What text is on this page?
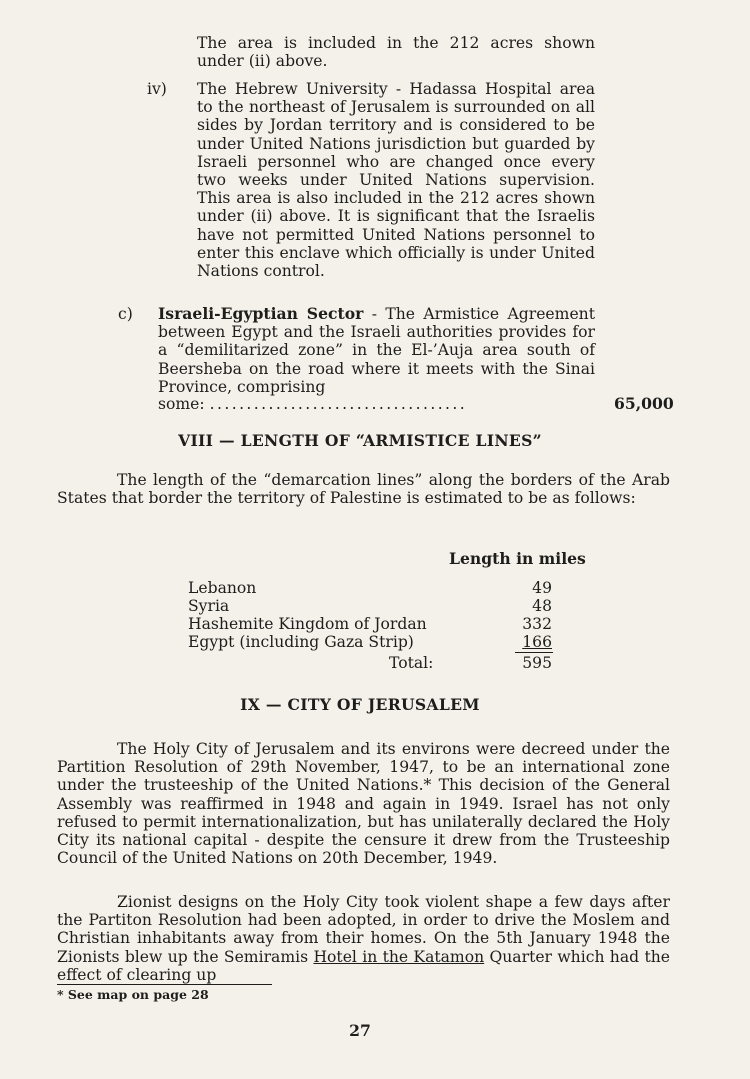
The area is included in the 212 acres shown under (ii) above.
iv) The Hebrew University - Hadassa Hospital area to the northeast of Jerusalem is surrounded on all sides by Jordan territory and is considered to be under United Nations jurisdiction but guarded by Israeli personnel who are changed once every two weeks under United Nations supervision. This area is also included in the 212 acres shown under (ii) above. It is significant that the Israelis have not permitted United Nations personnel to enter this enclave which officially is under United Nations control.
c) Israeli-Egyptian Sector - The Armistice Agreement between Egypt and the Israeli authorities provides for a “demilitarized zone” in the El-’Auja area south of Beersheba on the road where it meets with the Sinai Province, comprising
some: ...................................	65,000
VIII — LENGTH OF “ARMISTICE LINES”
The length of the “demarcation lines” along the borders of the Arab States that border the territory of Palestine is estimated to be as follows:
Length in miles
Lebanon	49
Syria	48
Hashemite Kingdom of Jordan	332
Egypt (including Gaza Strip)	166
Total:	595
IX — CITY OF JERUSALEM
The Holy City of Jerusalem and its environs were decreed under the Partition Resolution of 29th November, 1947, to be an international zone under the trusteeship of the United Nations.* This decision of the General Assembly was reaffirmed in 1948 and again in 1949. Israel has not only refused to permit internationalization, but has unilaterally declared the Holy City its national capital - despite the censure it drew from the Trusteeship Council of the United Nations on 20th December, 1949.
Zionist designs on the Holy City took violent shape a few days after the Partiton Resolution had been adopted, in order to drive the Moslem and Christian inhabitants away from their homes. On the 5th January 1948 the Zionists blew up the Semiramis Hotel in the Katamon Quarter which had the effect of clearing up
* See map on page 28
27
